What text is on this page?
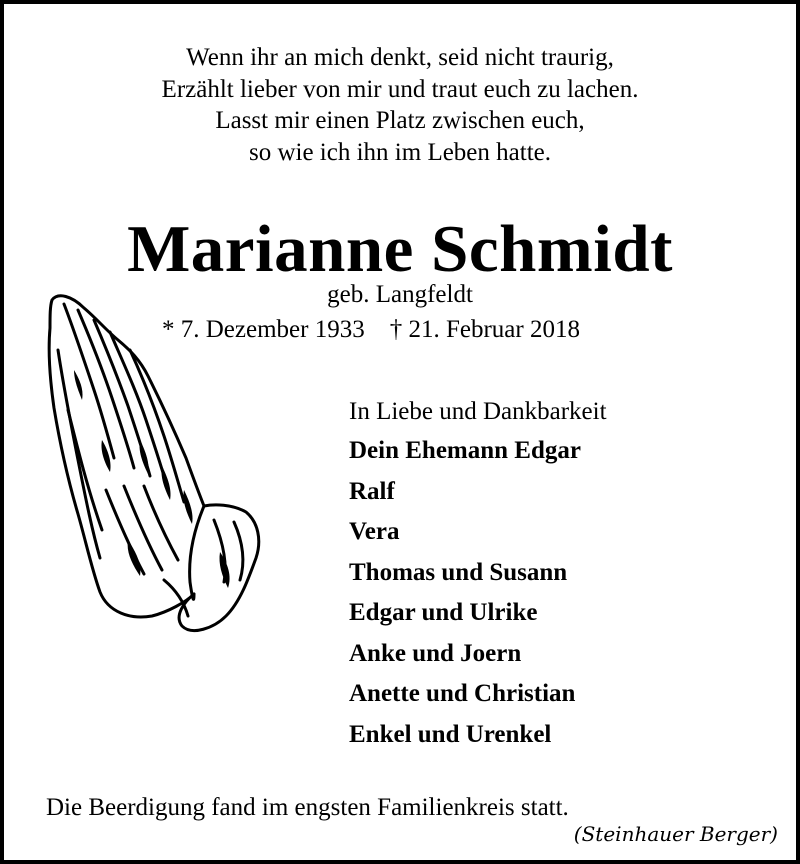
Wenn ihr an mich denkt, seid nicht traurig,
Erzählt lieber von mir und traut euch zu lachen.
Lasst mir einen Platz zwischen euch,
so wie ich ihn im Leben hatte.
Marianne Schmidt
geb. Langfeldt
* 7. Dezember 1933    † 21. Februar 2018
In Liebe und Dankbarkeit
Dein Ehemann Edgar
Ralf
Vera
Thomas und Susann
Edgar und Ulrike
Anke und Joern
Anette und Christian
Enkel und Urenkel
Die Beerdigung fand im engsten Familienkreis statt.
(Steinhauer Berger)
